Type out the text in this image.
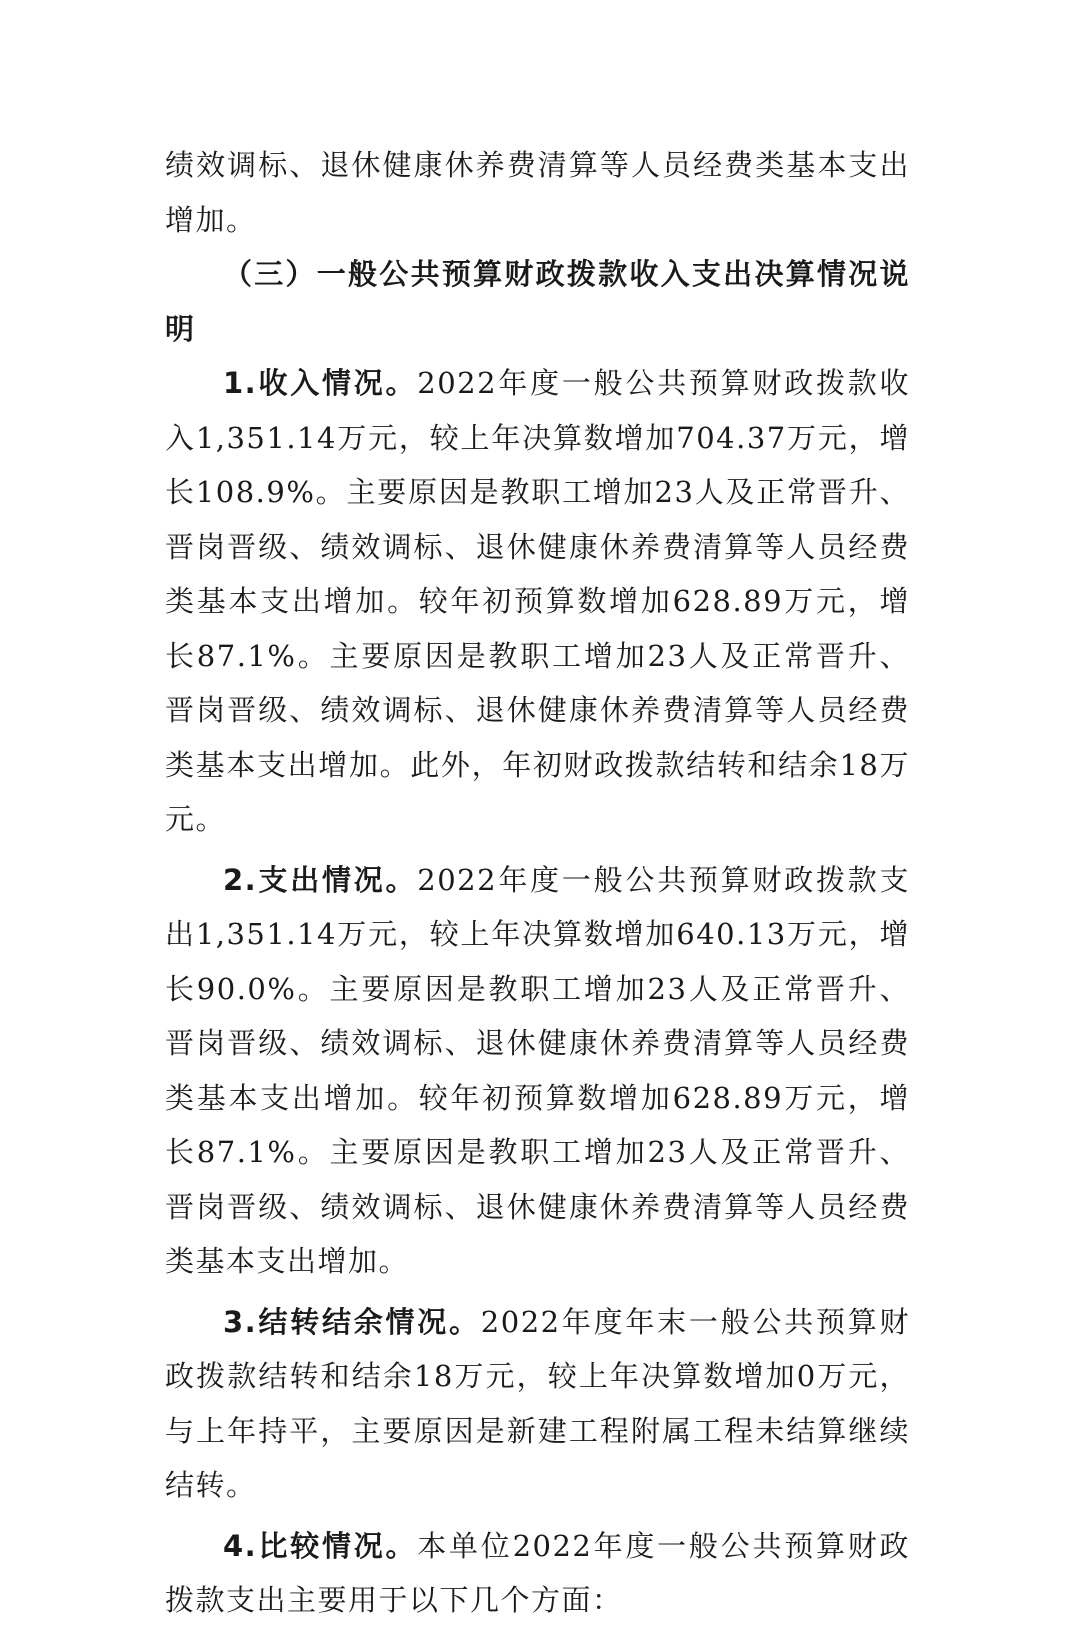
绩效调标、退休健康休养费清算等人员经费类基本支出增加。

（三）一般公共预算财政拨款收入支出决算情况说明

1.收入情况。2022年度一般公共预算财政拨款收入1,351.14万元，较上年决算数增加704.37万元，增长108.9%。主要原因是教职工增加23人及正常晋升、晋岗晋级、绩效调标、退休健康休养费清算等人员经费类基本支出增加。较年初预算数增加628.89万元，增长87.1%。主要原因是教职工增加23人及正常晋升、晋岗晋级、绩效调标、退休健康休养费清算等人员经费类基本支出增加。此外，年初财政拨款结转和结余18万元。

2.支出情况。2022年度一般公共预算财政拨款支出1,351.14万元，较上年决算数增加640.13万元，增长90.0%。主要原因是教职工增加23人及正常晋升、晋岗晋级、绩效调标、退休健康休养费清算等人员经费类基本支出增加。较年初预算数增加628.89万元，增长87.1%。主要原因是教职工增加23人及正常晋升、晋岗晋级、绩效调标、退休健康休养费清算等人员经费类基本支出增加。

3.结转结余情况。2022年度年末一般公共预算财政拨款结转和结余18万元，较上年决算数增加0万元，与上年持平，主要原因是新建工程附属工程未结算继续结转。

4.比较情况。本单位2022年度一般公共预算财政拨款支出主要用于以下几个方面：
